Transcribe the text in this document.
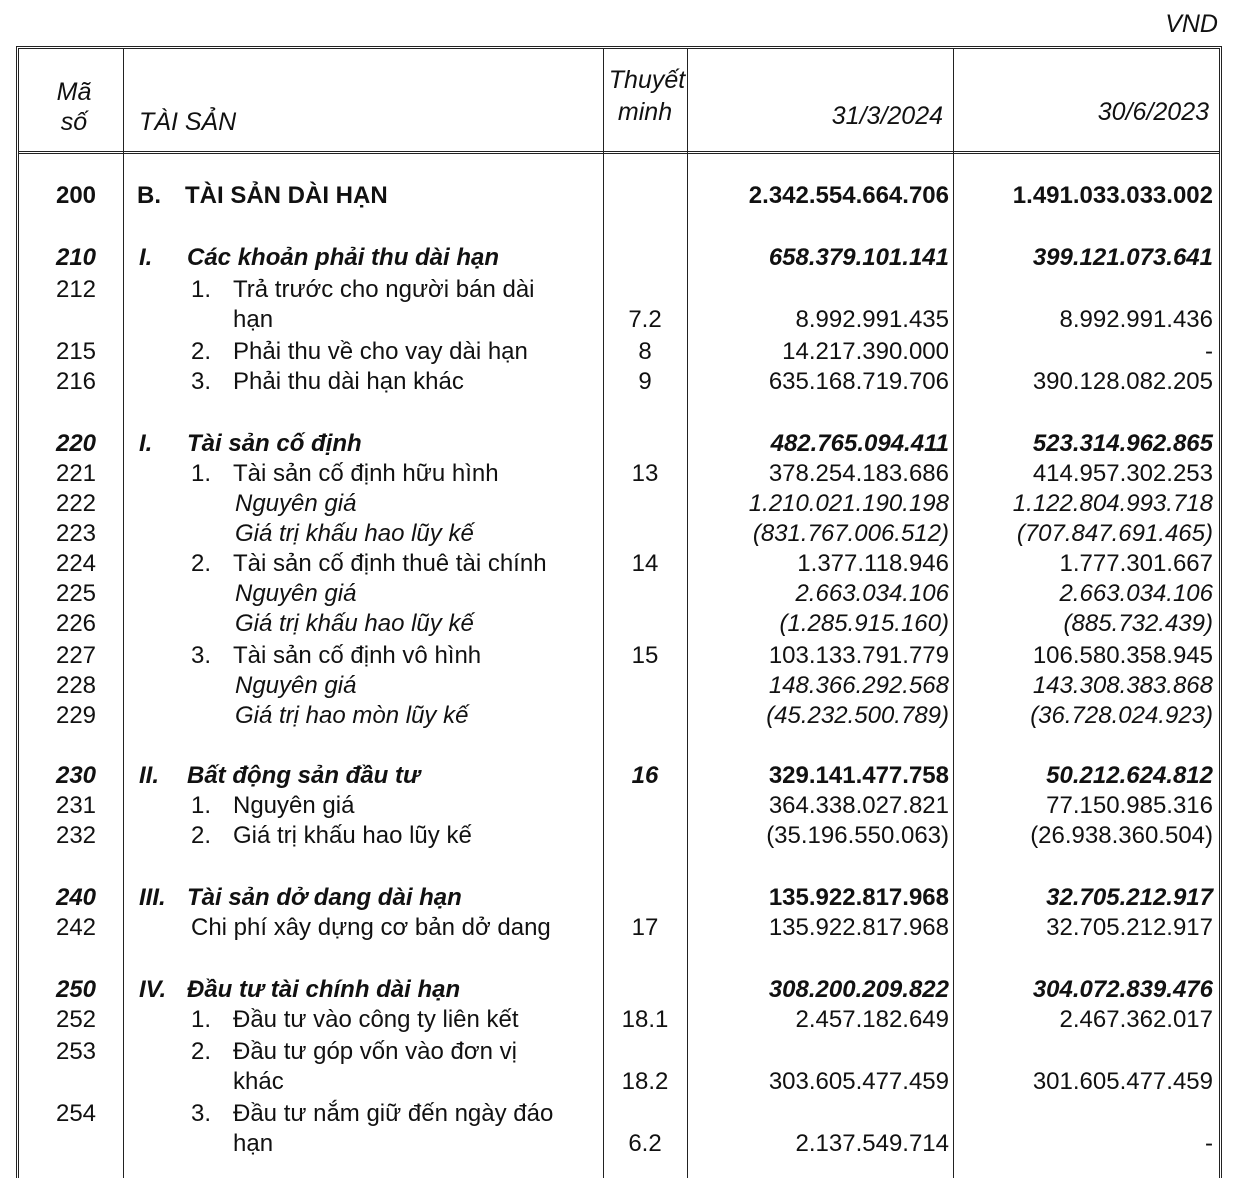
VND
Mã
số	TÀI SẢN
Thuyết
minh	31/3/2024	30/6/2023
200	B. TÀI SẢN DÀI HẠN	2.342.554.664.706	1.491.033.033.002
210	I. Các khoản phải thu dài hạn	658.379.101.141	399.121.073.641
212	1. Trả trước cho người bán dài
hạn	7.2	8.992.991.435	8.992.991.436
215	2. Phải thu về cho vay dài hạn	8	14.217.390.000	-
216	3. Phải thu dài hạn khác	9	635.168.719.706	390.128.082.205
220	I. Tài sản cố định	482.765.094.411	523.314.962.865
221	1. Tài sản cố định hữu hình	13	378.254.183.686	414.957.302.253
222	Nguyên giá	1.210.021.190.198	1.122.804.993.718
223	Giá trị khấu hao lũy kế	(831.767.006.512)	(707.847.691.465)
224	2. Tài sản cố định thuê tài chính	14	1.377.118.946	1.777.301.667
225	Nguyên giá	2.663.034.106	2.663.034.106
226	Giá trị khấu hao lũy kế	(1.285.915.160)	(885.732.439)
227	3. Tài sản cố định vô hình	15	103.133.791.779	106.580.358.945
228	Nguyên giá	148.366.292.568	143.308.383.868
229	Giá trị hao mòn lũy kế	(45.232.500.789)	(36.728.024.923)
230	II. Bất động sản đầu tư	16	329.141.477.758	50.212.624.812
231	1. Nguyên giá	364.338.027.821	77.150.985.316
232	2. Giá trị khấu hao lũy kế	(35.196.550.063)	(26.938.360.504)
240	III. Tài sản dở dang dài hạn	135.922.817.968	32.705.212.917
242	Chi phí xây dựng cơ bản dở dang	17	135.922.817.968	32.705.212.917
250	IV. Đầu tư tài chính dài hạn	308.200.209.822	304.072.839.476
252	1. Đầu tư vào công ty liên kết	18.1	2.457.182.649	2.467.362.017
253	2. Đầu tư góp vốn vào đơn vị
khác	18.2	303.605.477.459	301.605.477.459
254	3. Đầu tư nắm giữ đến ngày đáo
hạn	6.2	2.137.549.714	-
